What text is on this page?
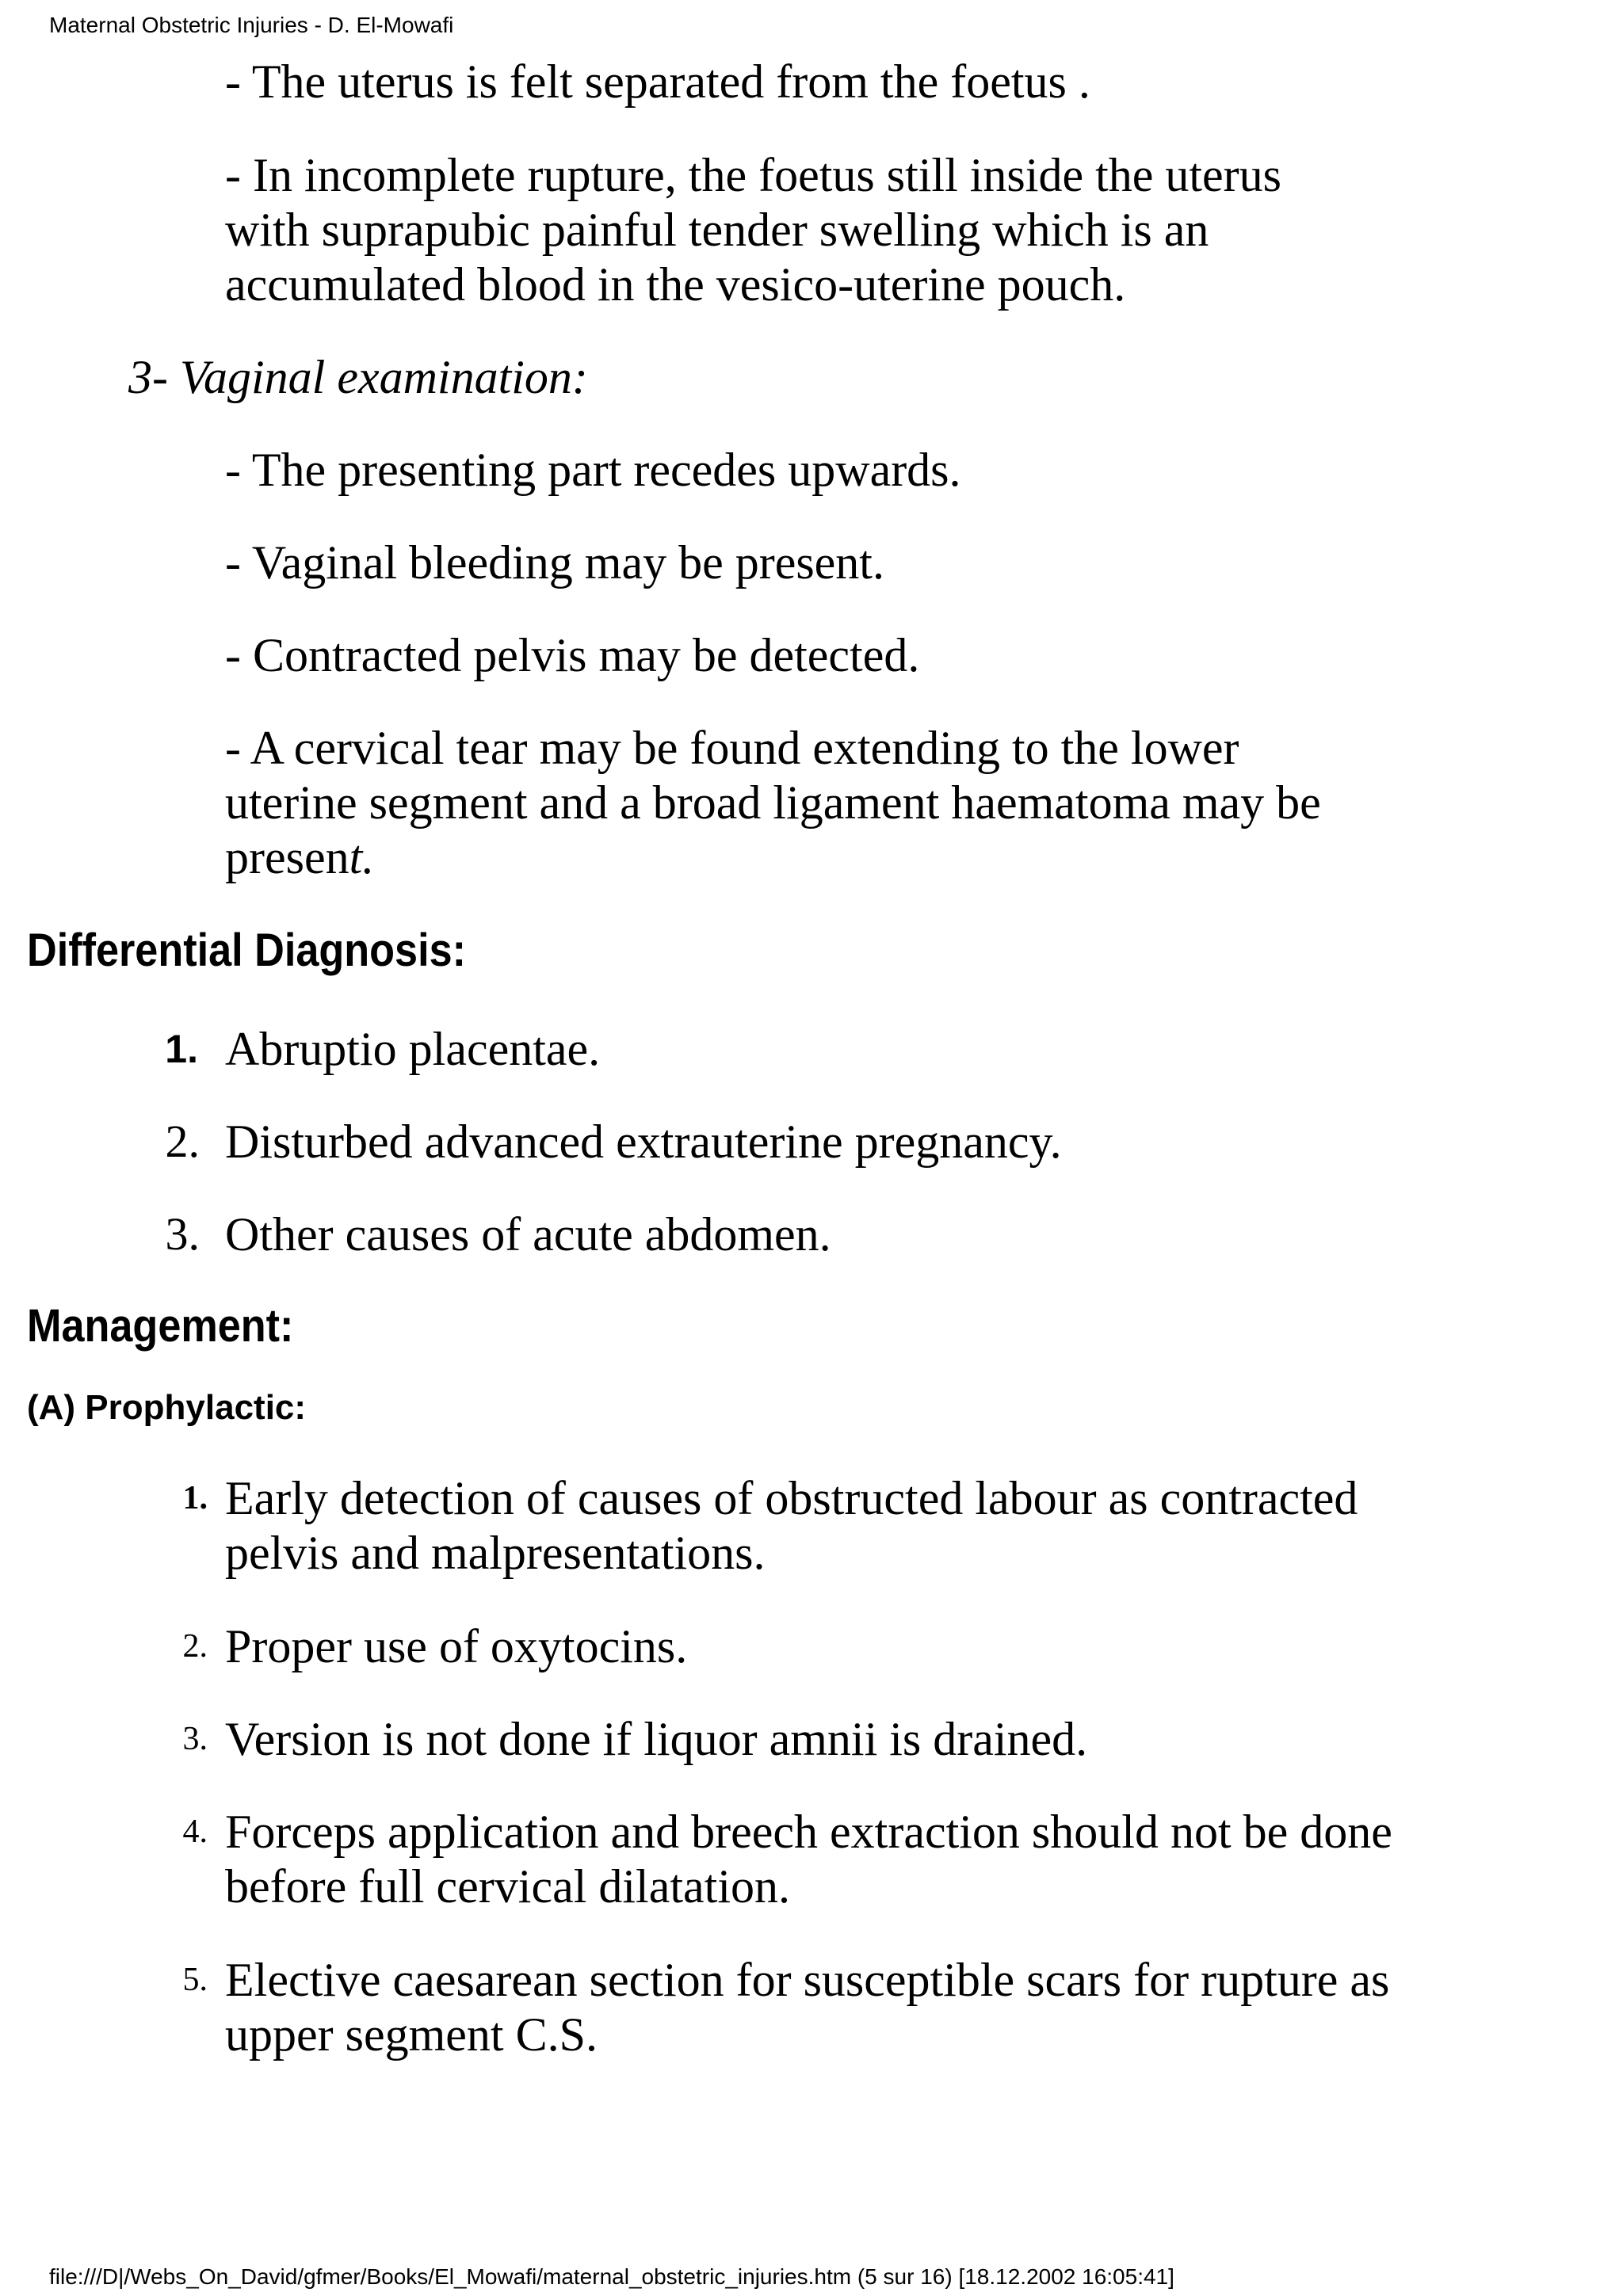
Maternal Obstetric Injuries - D. El-Mowafi
- The uterus is felt separated from the foetus .
- In incomplete rupture, the foetus still inside the uterus
with suprapubic painful tender swelling which is an
accumulated blood in the vesico-uterine pouch.
3- Vaginal examination:
- The presenting part recedes upwards.
- Vaginal bleeding may be present.
- Contracted pelvis may be detected.
- A cervical tear may be found extending to the lower
uterine segment and a broad ligament haematoma may be
present.
Differential Diagnosis:
1. Abruptio placentae.
2. Disturbed advanced extrauterine pregnancy.
3. Other causes of acute abdomen.
Management:
(A) Prophylactic:
1. Early detection of causes of obstructed labour as contracted
pelvis and malpresentations.
2. Proper use of oxytocins.
3. Version is not done if liquor amnii is drained.
4. Forceps application and breech extraction should not be done
before full cervical dilatation.
5. Elective caesarean section for susceptible scars for rupture as
upper segment C.S.
file:///D|/Webs_On_David/gfmer/Books/El_Mowafi/maternal_obstetric_injuries.htm (5 sur 16) [18.12.2002 16:05:41]
